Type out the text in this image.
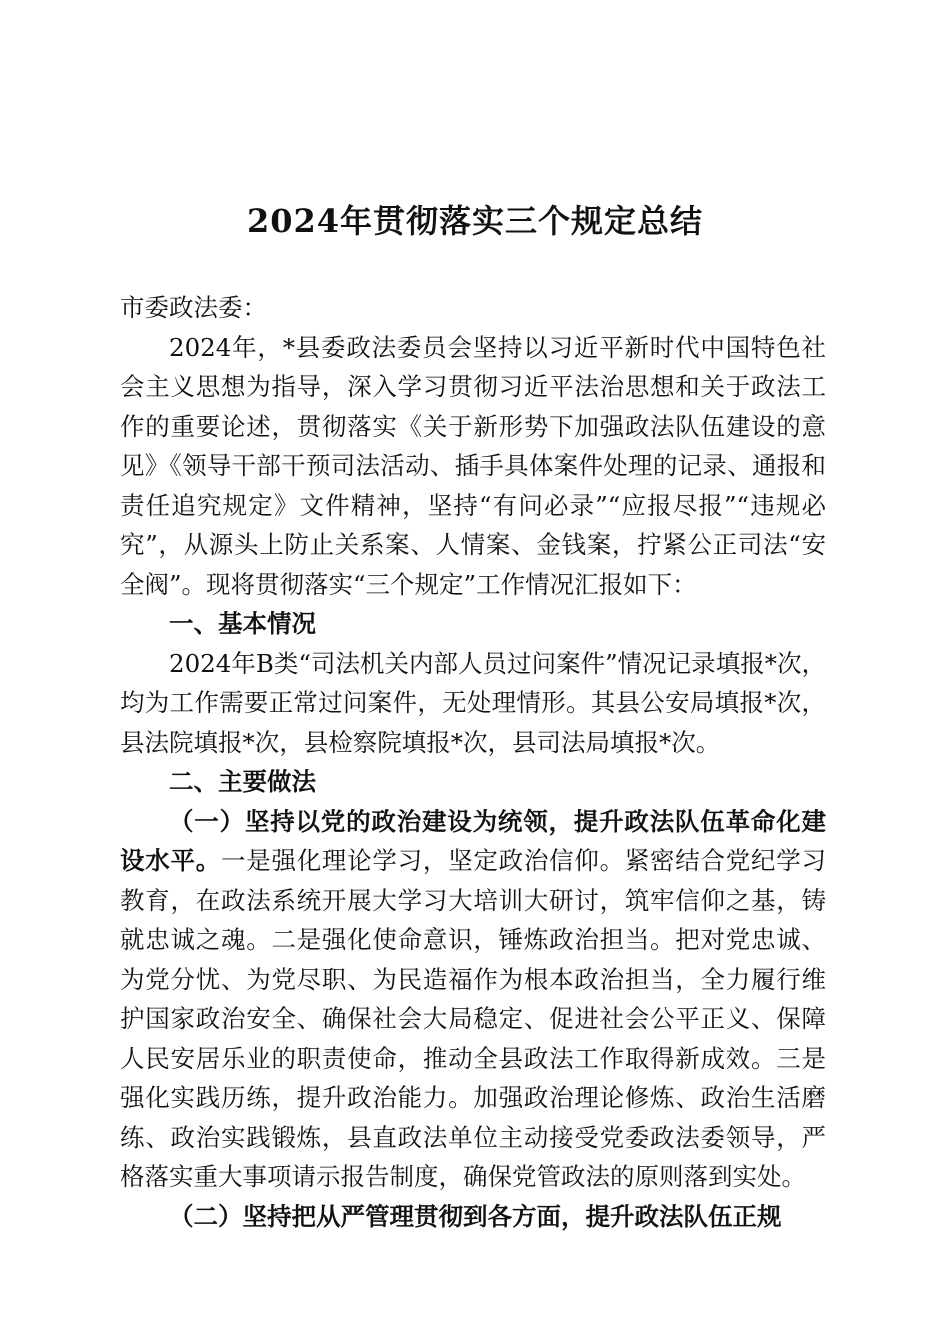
2024年贯彻落实三个规定总结

市委政法委：

2024年，*县委政法委员会坚持以习近平新时代中国特色社会主义思想为指导，深入学习贯彻习近平法治思想和关于政法工作的重要论述，贯彻落实《关于新形势下加强政法队伍建设的意见》《领导干部干预司法活动、插手具体案件处理的记录、通报和责任追究规定》文件精神，坚持“有问必录”“应报尽报”“违规必究”，从源头上防止关系案、人情案、金钱案，拧紧公正司法“安全阀”。现将贯彻落实“三个规定”工作情况汇报如下：

一、基本情况

2024年B类“司法机关内部人员过问案件”情况记录填报*次，均为工作需要正常过问案件，无处理情形。其县公安局填报*次，县法院填报*次，县检察院填报*次，县司法局填报*次。

二、主要做法

（一）坚持以党的政治建设为统领，提升政法队伍革命化建设水平。一是强化理论学习，坚定政治信仰。紧密结合党纪学习教育，在政法系统开展大学习大培训大研讨，筑牢信仰之基，铸就忠诚之魂。二是强化使命意识，锤炼政治担当。把对党忠诚、为党分忧、为党尽职、为民造福作为根本政治担当，全力履行维护国家政治安全、确保社会大局稳定、促进社会公平正义、保障人民安居乐业的职责使命，推动全县政法工作取得新成效。三是强化实践历练，提升政治能力。加强政治理论修炼、政治生活磨练、政治实践锻炼，县直政法单位主动接受党委政法委领导，严格落实重大事项请示报告制度，确保党管政法的原则落到实处。

（二）坚持把从严管理贯彻到各方面，提升政法队伍正规
